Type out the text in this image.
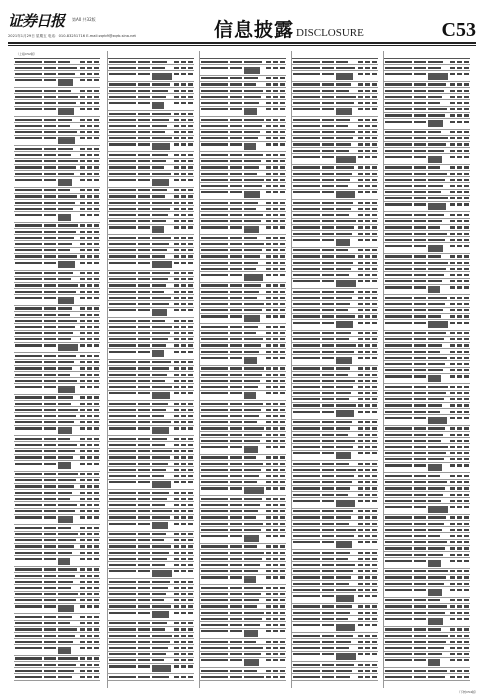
证券日报	第A0 共32版
2021年1月29日 星期五 电话：010-83251716 E-mail:zqrb9@zqrb.sina.net	信息披露 DISCLOSURE	C53
（上接C52版）
（下转C54版）
